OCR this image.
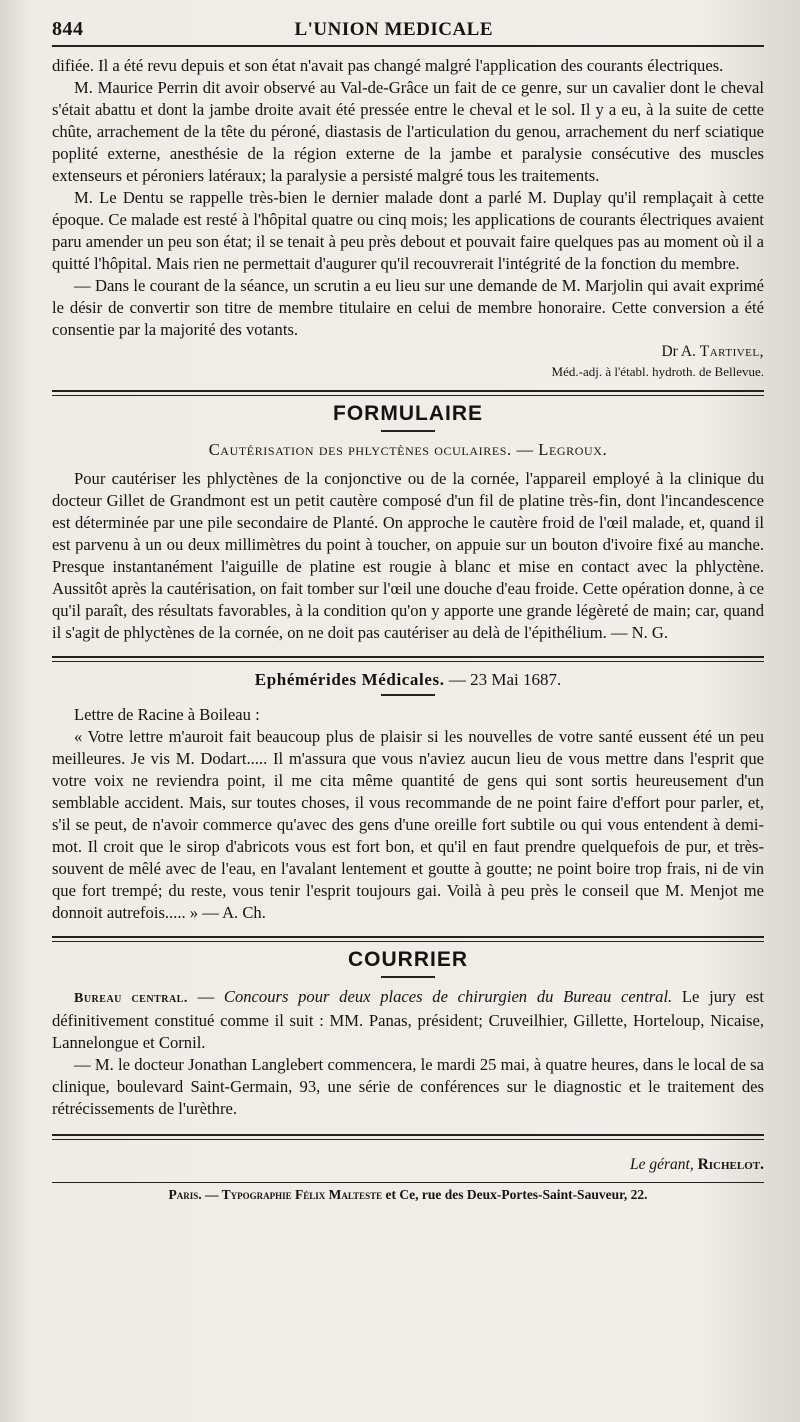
844	L'UNION MEDICALE

difiée. Il a été revu depuis et son état n'avait pas changé malgré l'application des courants électriques.

M. Maurice Perrin dit avoir observé au Val-de-Grâce un fait de ce genre, sur un cavalier dont le cheval s'était abattu et dont la jambe droite avait été pressée entre le cheval et le sol. Il y a eu, à la suite de cette chûte, arrachement de la tête du péroné, diastasis de l'articulation du genou, arrachement du nerf sciatique poplité externe, anesthésie de la région externe de la jambe et paralysie consécutive des muscles extenseurs et péroniers latéraux; la paralysie a persisté malgré tous les traitements.

M. Le Dentu se rappelle très-bien le dernier malade dont a parlé M. Duplay qu'il remplaçait à cette époque. Ce malade est resté à l'hôpital quatre ou cinq mois; les applications de courants électriques avaient paru amender un peu son état; il se tenait à peu près debout et pouvait faire quelques pas au moment où il a quitté l'hôpital. Mais rien ne permettait d'augurer qu'il recouvrerait l'intégrité de la fonction du membre.

— Dans le courant de la séance, un scrutin a eu lieu sur une demande de M. Marjolin qui avait exprimé le désir de convertir son titre de membre titulaire en celui de membre honoraire. Cette conversion a été consentie par la majorité des votants.

Dr A. Tartivel,
Méd.-adj. à l'établ. hydroth. de Bellevue.
FORMULAIRE
Cautérisation des phlyctènes oculaires. — Legroux.

Pour cautériser les phlyctènes de la conjonctive ou de la cornée, l'appareil employé à la clinique du docteur Gillet de Grandmont est un petit cautère composé d'un fil de platine très-fin, dont l'incandescence est déterminée par une pile secondaire de Planté. On approche le cautère froid de l'œil malade, et, quand il est parvenu à un ou deux millimètres du point à toucher, on appuie sur un bouton d'ivoire fixé au manche. Presque instantanément l'aiguille de platine est rougie à blanc et mise en contact avec la phlyctène. Aussitôt après la cautérisation, on fait tomber sur l'œil une douche d'eau froide. Cette opération donne, à ce qu'il paraît, des résultats favorables, à la condition qu'on y apporte une grande légèreté de main; car, quand il s'agit de phlyctènes de la cornée, on ne doit pas cautériser au delà de l'épithélium. — N. G.

Ephémérides Médicales. — 23 Mai 1687.

Lettre de Racine à Boileau :

« Votre lettre m'auroit fait beaucoup plus de plaisir si les nouvelles de votre santé eussent été un peu meilleures. Je vis M. Dodart..... Il m'assura que vous n'aviez aucun lieu de vous mettre dans l'esprit que votre voix ne reviendra point, il me cita même quantité de gens qui sont sortis heureusement d'un semblable accident. Mais, sur toutes choses, il vous recommande de ne point faire d'effort pour parler, et, s'il se peut, de n'avoir commerce qu'avec des gens d'une oreille fort subtile ou qui vous entendent à demi-mot. Il croit que le sirop d'abricots vous est fort bon, et qu'il en faut prendre quelquefois de pur, et très-souvent de mêlé avec de l'eau, en l'avalant lentement et goutte à goutte; ne point boire trop frais, ni de vin que fort trempé; du reste, vous tenir l'esprit toujours gai. Voilà à peu près le conseil que M. Menjot me donnoit autrefois..... » — A. Ch.

COURRIER

Bureau central. — Concours pour deux places de chirurgien du Bureau central. Le jury est définitivement constitué comme il suit : MM. Panas, président; Cruveilhier, Gillette, Horteloup, Nicaise, Lannelongue et Cornil.

— M. le docteur Jonathan Langlebert commencera, le mardi 25 mai, à quatre heures, dans le local de sa clinique, boulevard Saint-Germain, 93, une série de conférences sur le diagnostic et le traitement des rétrécissements de l'urèthre.

Le gérant, Richelot.
Paris. — Typographie Félix Malteste et Ce, rue des Deux-Portes-Saint-Sauveur, 22.
